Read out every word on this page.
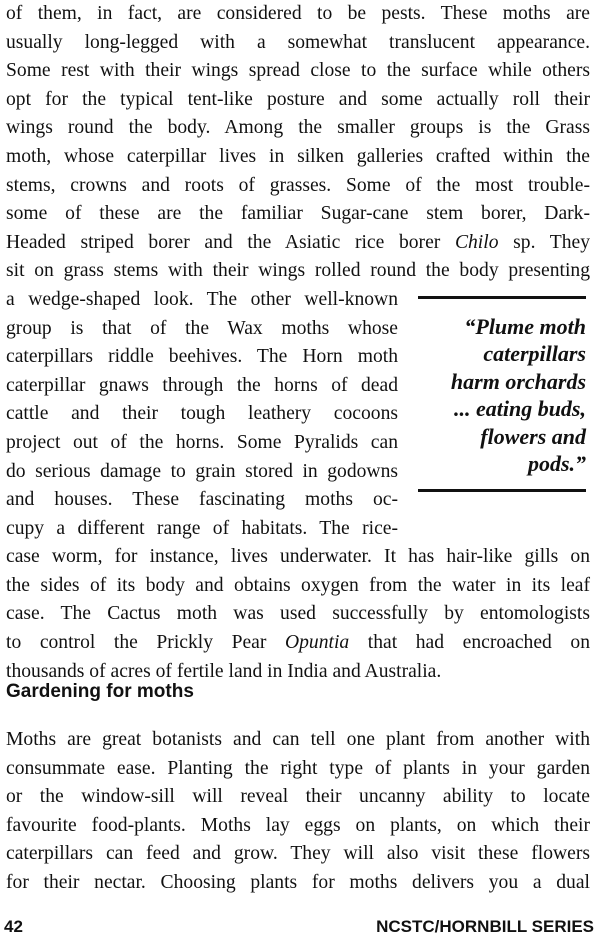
of them, in fact, are considered to be pests. These moths are
usually long-legged with a somewhat translucent appearance.
Some rest with their wings spread close to the surface while others
opt for the typical tent-like posture and some actually roll their
wings round the body. Among the smaller groups is the Grass
moth, whose caterpillar lives in silken galleries crafted within the
stems, crowns and roots of grasses. Some of the most trouble-
some of these are the familiar Sugar-cane stem borer, Dark-
Headed striped borer and the Asiatic rice borer Chilo sp. They
sit on grass stems with their wings rolled round the body presenting
a wedge-shaped look. The other well-known
group is that of the Wax moths whose
caterpillars riddle beehives. The Horn moth
caterpillar gnaws through the horns of dead
cattle and their tough leathery cocoons
project out of the horns. Some Pyralids can
do serious damage to grain stored in godowns
and houses. These fascinating moths oc-
cupy a different range of habitats. The rice-
case worm, for instance, lives underwater. It has hair-like gills on
the sides of its body and obtains oxygen from the water in its leaf
case. The Cactus moth was used successfully by entomologists
to control the Prickly Pear Opuntia that had encroached on
thousands of acres of fertile land in India and Australia.
“Plume moth
caterpillars
harm orchards
... eating buds,
flowers and
pods.”
Gardening for moths
Moths are great botanists and can tell one plant from another with
consummate ease. Planting the right type of plants in your garden
or the window-sill will reveal their uncanny ability to locate
favourite food-plants. Moths lay eggs on plants, on which their
caterpillars can feed and grow. They will also visit these flowers
for their nectar. Choosing plants for moths delivers you a dual
42	NCSTC/HORNBILL SERIES
